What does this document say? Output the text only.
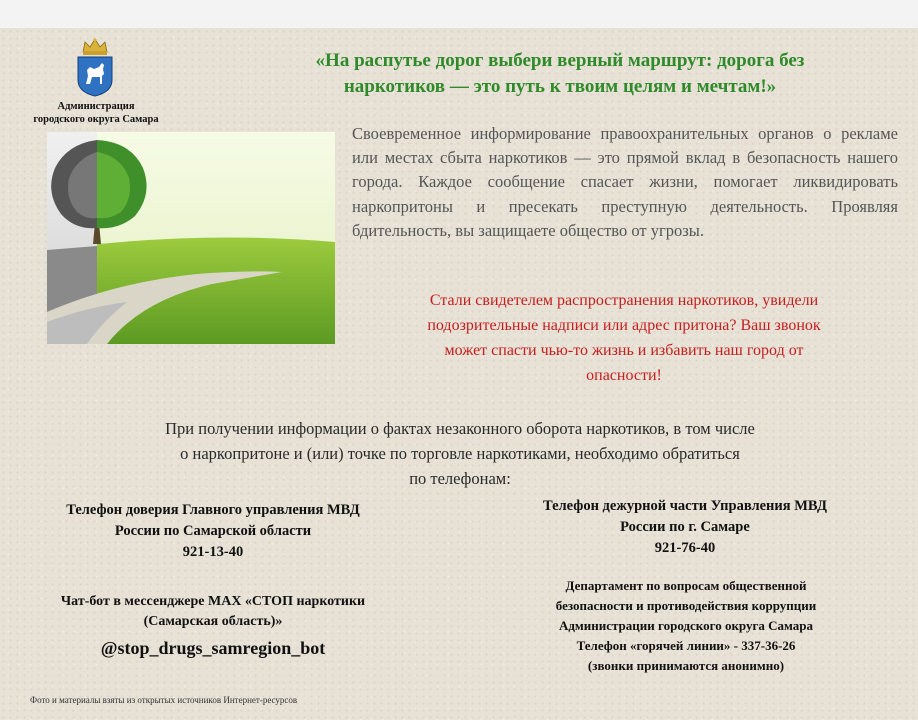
Администрация
городского округа Самара
«На распутье дорог выбери верный маршрут: дорога без
наркотиков — это путь к твоим целям и мечтам!»
Своевременное информирование правоохранительных органов о рекламе или местах сбыта наркотиков — это прямой вклад в безопасность нашего города. Каждое сообщение спасает жизни, помогает ликвидировать наркопритоны и пресекать преступную деятельность. Проявляя бдительность, вы защищаете общество от угрозы.
Стали свидетелем распространения наркотиков, увидели
подозрительные надписи или адрес притона? Ваш звонок
может спасти чью-то жизнь и избавить наш город от
опасности!
При получении информации о фактах незаконного оборота наркотиков, в том числе
о наркопритоне и (или) точке по торговле наркотиками, необходимо обратиться
по телефонам:
Телефон доверия Главного управления МВД
России по Самарской области
921-13-40
Телефон дежурной части Управления МВД
России по г. Самаре
921-76-40
Чат-бот в мессенджере MAX «СТОП наркотики
(Самарская область)»
@stop_drugs_samregion_bot
Департамент по вопросам общественной
безопасности и противодействия коррупции
Администрации городского округа Самара
Телефон «горячей линии» - 337-36-26
(звонки принимаются анонимно)
Фото и материалы взяты из открытых источников Интернет-ресурсов
